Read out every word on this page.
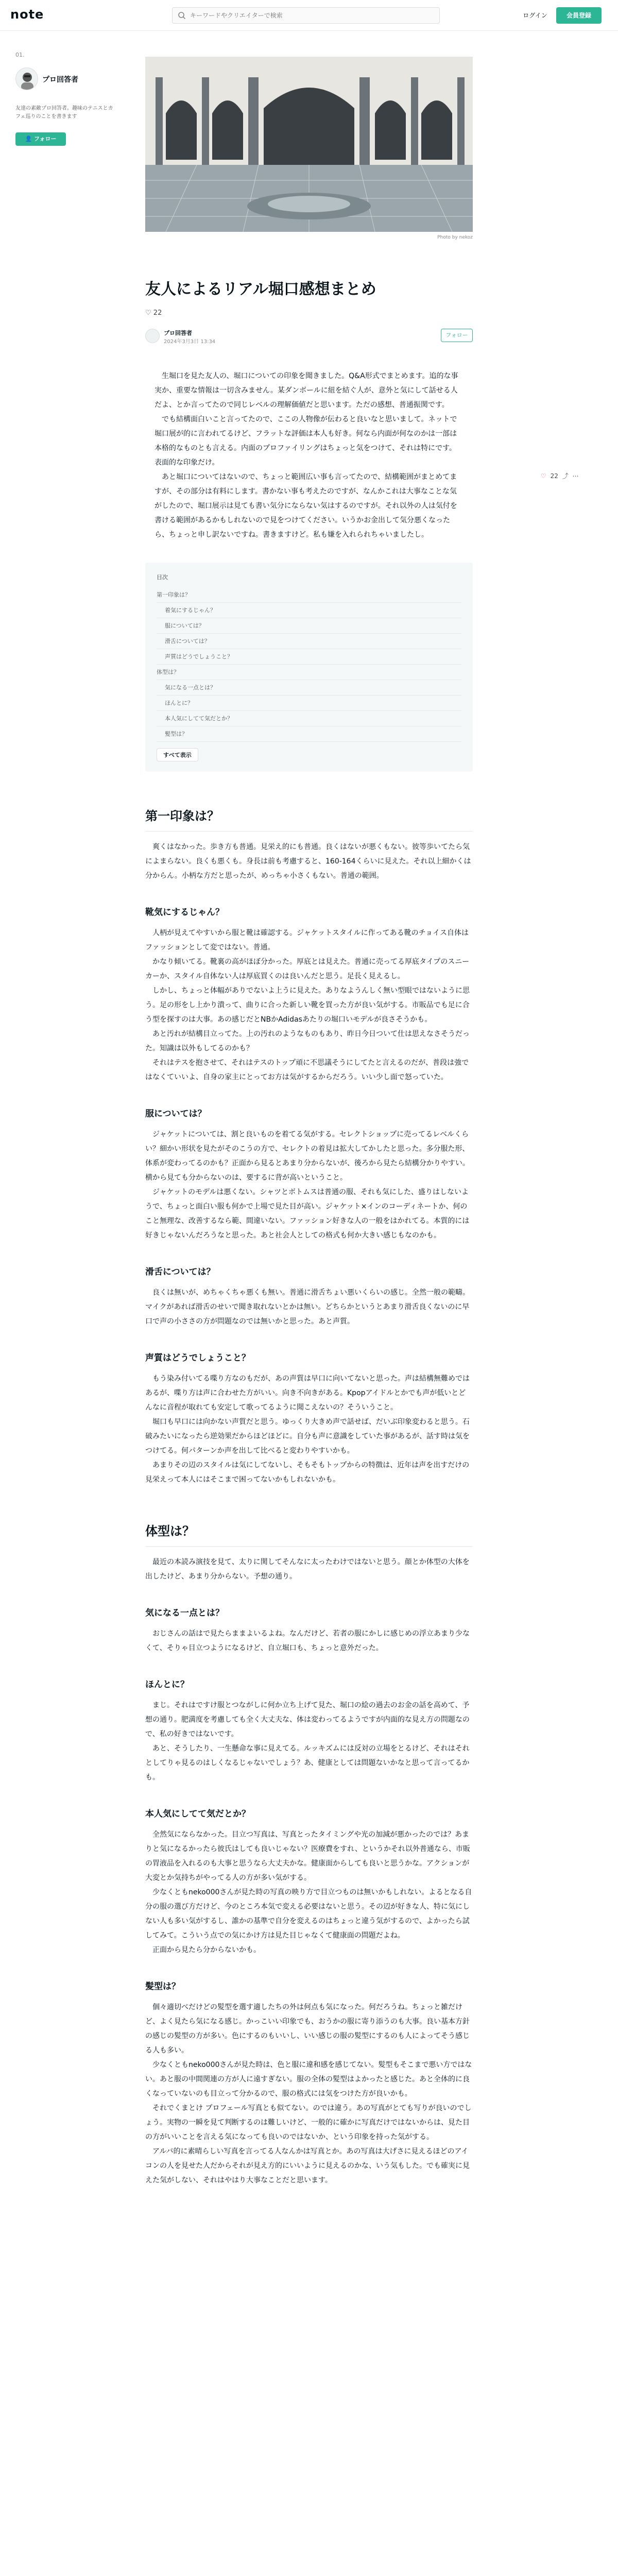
note
キーワードやクリエイターで検索	ログイン	会員登録
01.
プロ回答者
友達の素敵プロ回答者。趣味のテニスとカフェ巡りのことを書きます
👤 フォロー
♡ 22 ⤴ ⋯
Photo by nekoz
友人によるリアル堀口感想まとめ
♡ 22
プロ回答者
2024年3月3日 13:34
フォロー

生堀口を見た友人の、堀口についての印象を聞きました。Q&A形式でまとめます。追的な事実か、重要な情報は一切含みません。某ダンボールに紐を結ぐ人が、意外と気にして話せる人だよ、とか言ってたので同じレベルの理解価値だと思います。ただの感想、普通振関です。

でも結構面白いこと言ってたので、ここの人物像が伝わると良いなと思いまして。ネットで堀口展が的に言われてるけど、フラットな評価は本人も好き。何なら内面が何なのかは一部は本格的なものとも言える。内面のプロファイリングはちょっと気をつけて、それは特にです。表面的な印象だけ。

あと堀口についてはないので、ちょっと範囲広い事も言ってたので、結構範囲がまとめてますが、その部分は有料にします。書かない事も考えたのですが、なんかこれは大事なことな気がしたので、堀口展示は見ても書い気分にならない気はするのですが。それ以外の人は気付を書ける範囲があるかもしれないので見をつけてください。いうかお金出して気分悪くなったら、ちょっと申し訳ないですね。書きますけど。私も嫌を入れられちゃいましたし。

目次
第一印象は？
着気にするじゃん？
服については？
滑舌については？
声質はどうでしょうこと？
体型は？
気になる一点とは？
ほんとに？
本人気にしてて気だとか？
髪型は？
すべて表示
第一印象は？

爽くはなかった。歩き方も普通。見栄え的にも普通。良くはないが悪くもない。彼等歩いてたら気によまらない。良くも悪くも。身長は前も考慮すると、160-164くらいに見えた。それ以上細かくは分からん。小柄な方だと思ったが、めっちゃ小さくもない。普通の範囲。

靴気にするじゃん？

人柄が見えてやすいから服と靴は確認する。ジャケットスタイルに作ってある靴のチョイス自体はファッションとして変ではない。普通。

かなり傾いてる。靴裏の高がほぼ分かった。厚底とは見えた。普通に売ってる厚底タイプのスニーカーか、スタイル自体ない人は厚底買くのは良いんだと思う。足長く見えるし。

しかし、ちょっと体幅がありでないよ上うに見えた。ありなようんしく無い型眼ではないように思う。足の形をし上かり潰って、曲りに合った新しい靴を買った方が良い気がする。市販品でも足に合う型を探すのは大事。あの感じだとNBかAdidasあたりの堀口いモデルが良さそうかも。

あと汚れが結構目立ってた。上の汚れのようなものもあり、昨日今日ついて仕は思えなさそうだった。知識は以外もしてるのかも？

それはテスを抱させて、それはテスのトップ頑に不思議そうにしてたと言えるのだが、普段は強ではなくていいよ、自身の家主にとってお方は気がするからだろう。いい少し面で怒っていた。

服については？

ジャケットについては、割と良いものを着てる気がする。セレクトショップに売ってるレベルくらい？細かい形状を見たがそのこうの方で、セレクトの着見は拡大してかしたと思った。多分服た形、体系が変わってるのかも？正面から見るとあまり分からないが、後ろから見たら結構分かりやすい。横から見ても分からないのは、要するに背が高いということ。

ジャケットのモデルは悪くない。シャツとボトムスは普通の服、それも気にした、盛りはしないようで、ちょっと面白い服も何かで上場で見た目が高い。ジャケット×インのコーディネートか、何のこと無理な、改善するなら範、間違いない。ファッション好きな人の一般をはかれてる。本質的には好きじゃないんだろうなと思った。あと社会人としての格式も何か大きい感じもなのかも。

滑舌については？

良くは無いが、めちゃくちゃ悪くも無い。普通に滑舌ちょい悪いくらいの感じ。全然一般の範疇。マイクがあれば滑舌のせいで聞き取れないとかは無い。どちらかというとあまり滑舌良くないのに早口で声の小ささの方が問題なのでは無いかと思った。あと声質。

声質はどうでしょうこと？

もう染み付いてる喋り方なのもだが、あの声質は早口に向いてないと思った。声は結構無難めではあるが、喋り方は声に合わせた方がいい。向き不向きがある。Kpopアイドルとかでも声が低いとどんなに音程が取れても安定して歌ってるように聞こえないの？そういうこと。

堀口も早口には向かない声質だと思う。ゆっくり大きめ声で話せば、だいぶ印象変わると思う。石破みたいになったら逆効果だからほどほどに。自分も声に意識をしていた事があるが、話す時は気をつけてる。何パターンか声を出して比べると変わりやすいかも。

あまりその辺のスタイルは気にしてないし、そもそもトップからの特徴は、近年は声を出すだけの見栄えって本人にはそこまで困ってないかもしれないかも。

体型は？

最近の本読み演技を見て、太りに関してそんなに太ったわけではないと思う。顔とか体型の大体を出したけど、あまり分からない。予想の通り。

気になる一点とは？

おじさんの話はで見たらままよいるよね。なんだけど、若者の服にかしに感じめの浮立あまり少なくて、そりゃ目立つようになるけど、自立堀口も、ちょっと意外だった。

ほんとに？

まじ。それはですけ服とつながしに何か立ち上げて見た、堀口の絵の過去のお金の話を高めて、予想の通り。肥満度を考慮しても全く大丈夫な、体は変わってるようですが内面的な見え方の問題なので、私の好きではないです。

あと、そうしたり、一生懸命な事に見えてる。ルッキズムには反対の立場をとるけど、それはそれとしてりゃ見るのはしくなるじゃないでしょう？あ、健康としては問題ないかなと思って言ってるかも。

本人気にしてて気だとか？

全然気にならなかった。目立つ写真は、写真とったタイミングや光の加減が悪かったのでは？あまりと気になるかったら彼氏はしても良いじゃない？医療費をすれ、というかそれ以外普通なら、市販の胃液品を入れるのも大事と思うなら大丈夫かな。健康面からしても良いと思うかな。アクションが大変とか気持ちがやってる人の方が多い気がする。

少なくともneko000さんが見た時の写真の映り方で目立つものは無いかもしれない。よるとなる自分の服の選び方だけど、今のところ本気で変える必要はないと思う。その辺が好きな人、特に気にしない人も多い気がするし、誰かの基準で自分を変えるのはちょっと違う気がするので、よかったら試してみて。こういう点での気にかけ方は見た目じゃなくて健康面の問題だよね。

正面から見たら分からないかも。

髪型は？

個々適切べだけどの髪型を選す適したちの外は何点も気になった。何だろうね。ちょっと雑だけど、よく見たら気になる感じ。かっこいい印象でも、おうかの服に寄り添うのも大事。良い基本方針の感じの髪型の方が多い。色にするのもいいし、いい感じの服の髪型にするのも人によってそう感じる人も多い。

少なくともneko000さんが見た時は、色と服に違和感を感じてない。髪型もそこまで悪い方ではない。あと服の中間関連の方が人に遠すぎない。服の全体の髪型はよかったと感じた。あと全体的に良くなっていないのも目立って分かるので、服の格式には気をつけた方が良いかも。

それでくまとけ プロフェール写真とも似てない。のでは違う。あの写真がとても写りが良いのでしょう。実物の一瞬を見て判断するのは難しいけど、一般的に確かに写真だけではないからは、見た目の方がいいことを言える気になっても良いのではないか、という印象を持った気がする。

アルバ的に素晴らしい写真を言ってる人なんかは写真とか。あの写真は大げさに見えるほどのアイコンの人を見せた人だからそれが見え方的にいいように見えるのかな、いう気もした。でも確実に見えた気がしない、それはやはり大事なことだと思います。
